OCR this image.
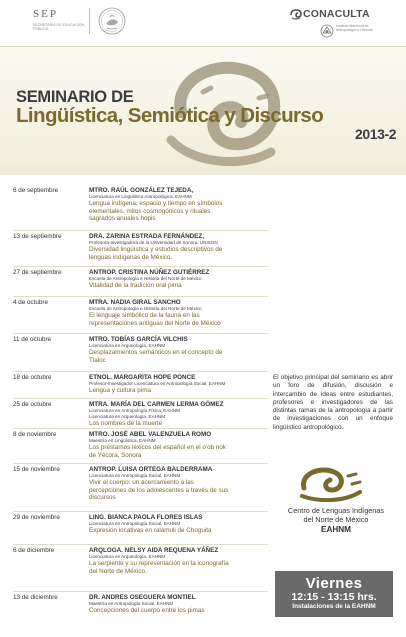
SEP
SECRETARÍA DE EDUCACIÓN PÚBLICA
CONACULTA
Instituto Nacional de Antropología e Historia
SEMINARIO DE
Lingüística, Semiótica y Discurso
2013-2
6 de septiembre	MTRO. RAÚL GONZÁLEZ TEJEDA,
Licenciatura en Lingüística Antropológica, EAHNM
Lengua indígena, espacio y tiempo en símbolos
elementales, mitos cosmogónicos y rituales
sagrados anuales hopis
13 de septiembre	DRA. ZARINA ESTRADA FERNÁNDEZ,
Profesora-Investigadora de la Universidad de Sonora. UNISON
Diversidad lingüística y estudios descriptivos de
lenguas indígenas de México.
27 de septiembre	ANTROP. CRISTINA NÚÑEZ GUTIÉRREZ
Escuela de Antropología e Historia del Norte de México
Vitalidad de la tradición oral pima
4 de octubre	MTRA. NADIA GIRAL SANCHO
Escuela de Antropología e Historia del Norte de México
El lenguaje simbólico de la fauna en las
representaciones antiguas del Norte de México
11 de octubre	MTRO. TOBÍAS GARCÍA VILCHIS
Licenciatura en Arqueología, EAHNM
Desplazamientos semánticos en el concepto de
Tlaloc
18 de octubre	ETNOL. MARGARITA HOPE PONCE
Profesor-Investigador Licenciatura en Antropología Social, EAHNM
Lengua y cultura pima
25 de octubre	MTRA. MARÍA DEL CARMEN LERMA GÓMEZ
Licenciatura en Antropología Física, EAHNM
Licenciatura en Arqueología, EAHNM
Los nombres de la muerte
8 de noviembre	MTRO. JOSÉ ABEL VALENZUELA ROMO
Maestría en Lingüística, EAHNM
Los préstamos léxicos del español en el o'ob nok
de Yécora, Sonora
15 de noviembre	ANTROP. LUISA ORTEGA BALDERRAMA
Licenciatura en Antropología Social, EAHNM
Vivir el cuerpo: un acercamiento a las
percepciones de los adolescentes a través de sus
discursos
29 de noviembre	LING. BIANCA PAOLA FLORES ISLAS
Licenciatura en Antropología Social, EAHNM
Expresión locativas en ralámuli de Choguita
6 de diciembre	ARQLOGA. NELSY AIDA REQUENA YÁÑEZ
Licenciatura en Arqueología, EAHNM
La serpiente y su representación en la iconografía
del Norte de México.
13 de diciembre	DR. ANDRES OSEGUERA MONTIEL
Maestría en Antropología Social, EAHNM
Concepciones del cuerpo entre los pimas
El objetivo principal del seminario es abrir un foro de difusión, discusión e intercambio de ideas entre estudiantes, profesores e investigadores de las distintas ramas de la antropología a partir de investigaciones con un enfoque lingüístico antropológico.
Centro de Lenguas Indígenas
del Norte de México
EAHNM
Viernes
12:15 - 13:15 hrs.
Instalaciones de la EAHNM
